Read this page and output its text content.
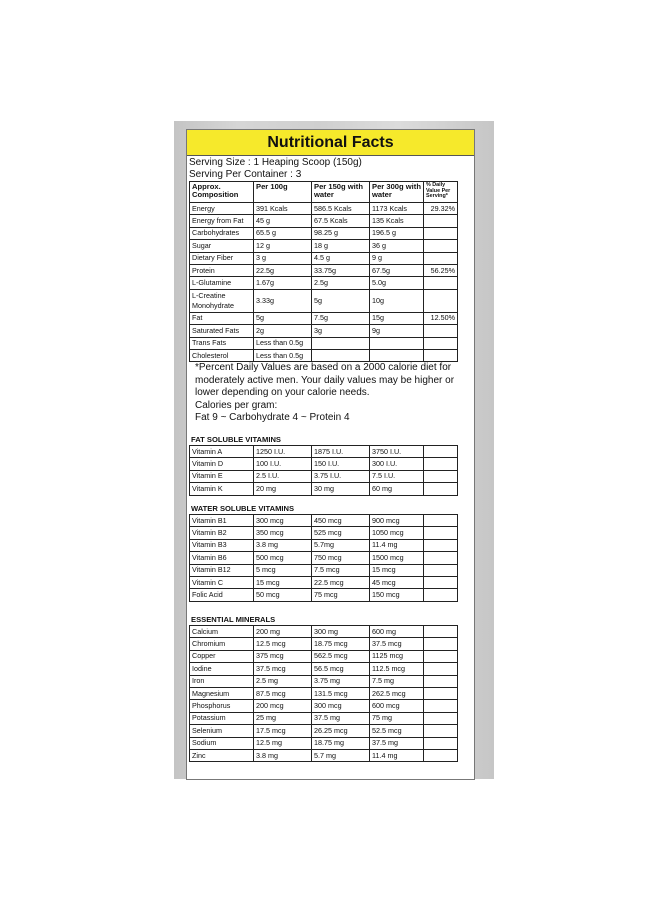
Nutritional Facts
Serving Size : 1 Heaping Scoop (150g)
Serving Per Container : 3
Approx. Composition	Per 100g	Per 150g with water	Per 300g with water	% Daily Value Per Serving*
Energy	391 Kcals	586.5 Kcals	1173 Kcals	29.32%
Energy from Fat	45 g	67.5 Kcals	135 Kcals	
Carbohydrates	65.5 g	98.25 g	196.5 g	
Sugar	12 g	18 g	36 g	
Dietary Fiber	3 g	4.5 g	9 g	
Protein	22.5g	33.75g	67.5g	56.25%
L-Glutamine	1.67g	2.5g	5.0g	
L-Creatine Monohydrate	3.33g	5g	10g	
Fat	5g	7.5g	15g	12.50%
Saturated Fats	2g	3g	9g	
Trans Fats	Less than 0.5g			
Cholesterol	Less than 0.5g			
*Percent Daily Values are based on a 2000 calorie diet for moderately active men. Your daily values may be higher or lower depending on your calorie needs.
Calories per gram:
Fat 9 ~ Carbohydrate 4 ~ Protein 4
FAT SOLUBLE VITAMINS
Vitamin A	1250 I.U.	1875 I.U.	3750 I.U.	
Vitamin D	100 I.U.	150 I.U.	300 I.U.	
Vitamin E	2.5 I.U.	3.75 I.U.	7.5 I.U.	
Vitamin K	20 mg	30 mg	60 mg	
WATER SOLUBLE VITAMINS
Vitamin B1	300 mcg	450 mcg	900 mcg	
Vitamin B2	350 mcg	525 mcg	1050 mcg	
Vitamin B3	3.8 mg	5.7mg	11.4 mg	
Vitamin B6	500 mcg	750 mcg	1500 mcg	
Vitamin B12	5 mcg	7.5 mcg	15 mcg	
Vitamin C	15 mcg	22.5 mcg	45 mcg	
Folic Acid	50 mcg	75 mcg	150 mcg	
ESSENTIAL MINERALS
Calcium	200 mg	300 mg	600 mg	
Chromium	12.5 mcg	18.75 mcg	37.5 mcg	
Copper	375 mcg	562.5 mcg	1125 mcg	
Iodine	37.5 mcg	56.5 mcg	112.5 mcg	
Iron	2.5 mg	3.75 mg	7.5 mg	
Magnesium	87.5 mcg	131.5 mcg	262.5 mcg	
Phosphorus	200 mcg	300 mcg	600 mcg	
Potassium	25 mg	37.5 mg	75 mg	
Selenium	17.5 mcg	26.25 mcg	52.5 mcg	
Sodium	12.5 mg	18.75 mg	37.5 mg	
Zinc	3.8 mg	5.7 mg	11.4 mg	
